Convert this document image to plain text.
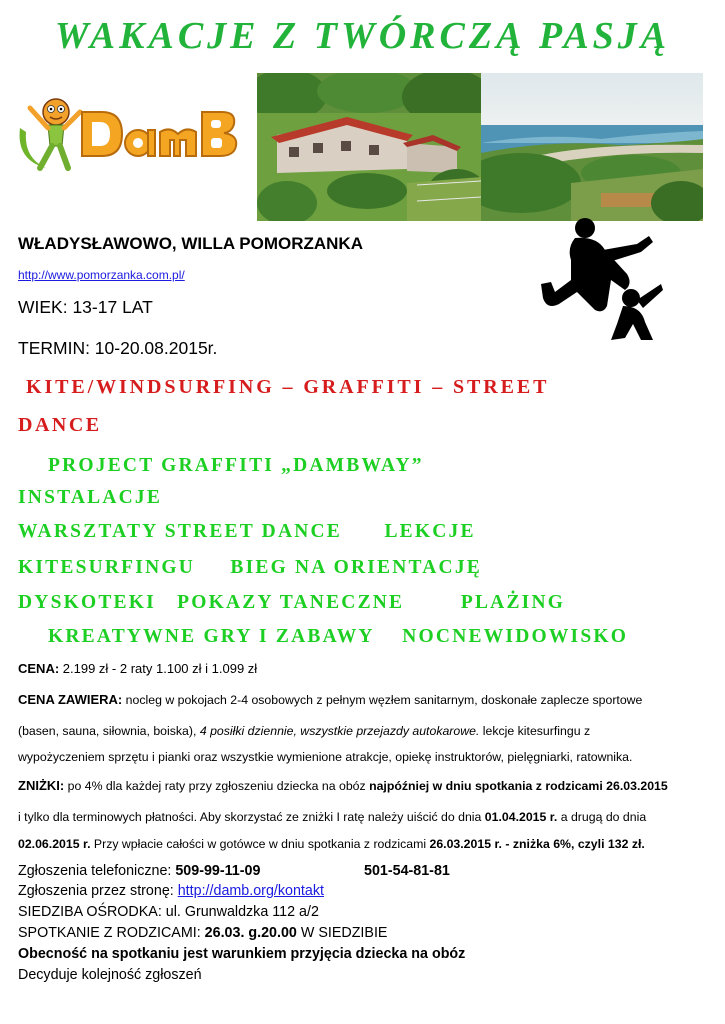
WAKACJE Z TWÓRCZĄ PASJĄ
WŁADYSŁAWOWO, WILLA POMORZANKA
http://www.pomorzanka.com.pl/
WIEK: 13-17 LAT
TERMIN: 10-20.08.2015r.
KITE/WINDSURFING – GRAFFITI – STREET
DANCE
PROJECT GRAFFITI „DAMBWAY”
INSTALACJE
WARSZTATY STREET DANCE      LEKCJE
KITESURFINGU     BIEG NA ORIENTACJĘ
DYSKOTEKI   POKAZY TANECZNE        PLAŻING
KREATYWNE GRY I ZABAWY    NOCNEWIDOWISKO
CENA: 2.199 zł - 2 raty 1.100 zł i 1.099 zł
CENA ZAWIERA: nocleg w pokojach 2-4 osobowych z pełnym węzłem sanitarnym, doskonałe zaplecze sportowe
(basen, sauna, siłownia, boiska), 4 posiłki dziennie, wszystkie przejazdy autokarowe. lekcje kitesurfingu z
wypożyczeniem sprzętu i pianki oraz wszystkie wymienione atrakcje, opiekę instruktorów, pielęgniarki, ratownika.
ZNIŻKI: po 4% dla każdej raty przy zgłoszeniu dziecka na obóz najpóźniej w dniu spotkania z rodzicami 26.03.2015
i tylko dla terminowych płatności. Aby skorzystać ze zniżki I ratę należy uiścić do dnia 01.04.2015 r. a drugą do dnia
02.06.2015 r. Przy wpłacie całości w gotówce w dniu spotkania z rodzicami 26.03.2015 r. - zniżka 6%, czyli 132 zł.
Zgłoszenia telefoniczne: 509-99-11-09	501-54-81-81
Zgłoszenia przez stronę: http://damb.org/kontakt
SIEDZIBA OŚRODKA: ul. Grunwaldzka 112 a/2
SPOTKANIE Z RODZICAMI: 26.03. g.20.00 W SIEDZIBIE
Obecność na spotkaniu jest warunkiem przyjęcia dziecka na obóz
Decyduje kolejność zgłoszeń
